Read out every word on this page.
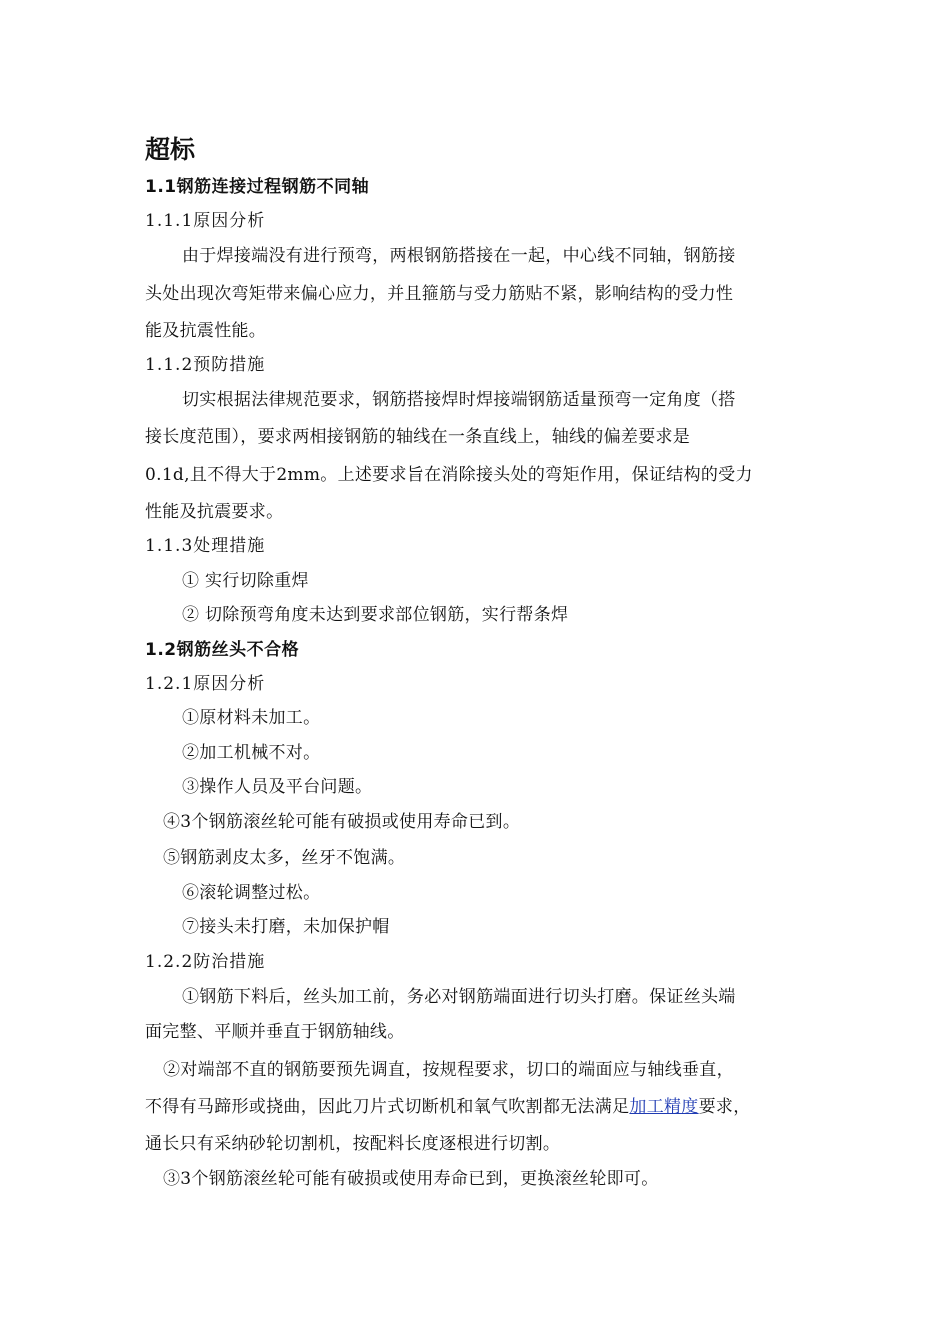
超标
1.1钢筋连接过程钢筋不同轴
1.1.1原因分析
由于焊接端没有进行预弯，两根钢筋搭接在一起，中心线不同轴，钢筋接
头处出现次弯矩带来偏心应力，并且箍筋与受力筋贴不紧，影响结构的受力性
能及抗震性能。
1.1.2预防措施
切实根据法律规范要求，钢筋搭接焊时焊接端钢筋适量预弯一定角度（搭
接长度范围），要求两相接钢筋的轴线在一条直线上，轴线的偏差要求是
0.1d,且不得大于2mm。上述要求旨在消除接头处的弯矩作用，保证结构的受力
性能及抗震要求。
1.1.3处理措施
① 实行切除重焊
② 切除预弯角度未达到要求部位钢筋，实行帮条焊
1.2钢筋丝头不合格
1.2.1原因分析
①原材料未加工。
②加工机械不对。
③操作人员及平台问题。
④3个钢筋滚丝轮可能有破损或使用寿命已到。
⑤钢筋剥皮太多，丝牙不饱满。
⑥滚轮调整过松。
⑦接头未打磨，未加保护帽
1.2.2防治措施
①钢筋下料后，丝头加工前，务必对钢筋端面进行切头打磨。保证丝头端
面完整、平顺并垂直于钢筋轴线。
②对端部不直的钢筋要预先调直，按规程要求，切口的端面应与轴线垂直，
不得有马蹄形或挠曲，因此刀片式切断机和氧气吹割都无法满足加工精度要求，
通长只有采纳砂轮切割机，按配料长度逐根进行切割。
③3个钢筋滚丝轮可能有破损或使用寿命已到，更换滚丝轮即可。
